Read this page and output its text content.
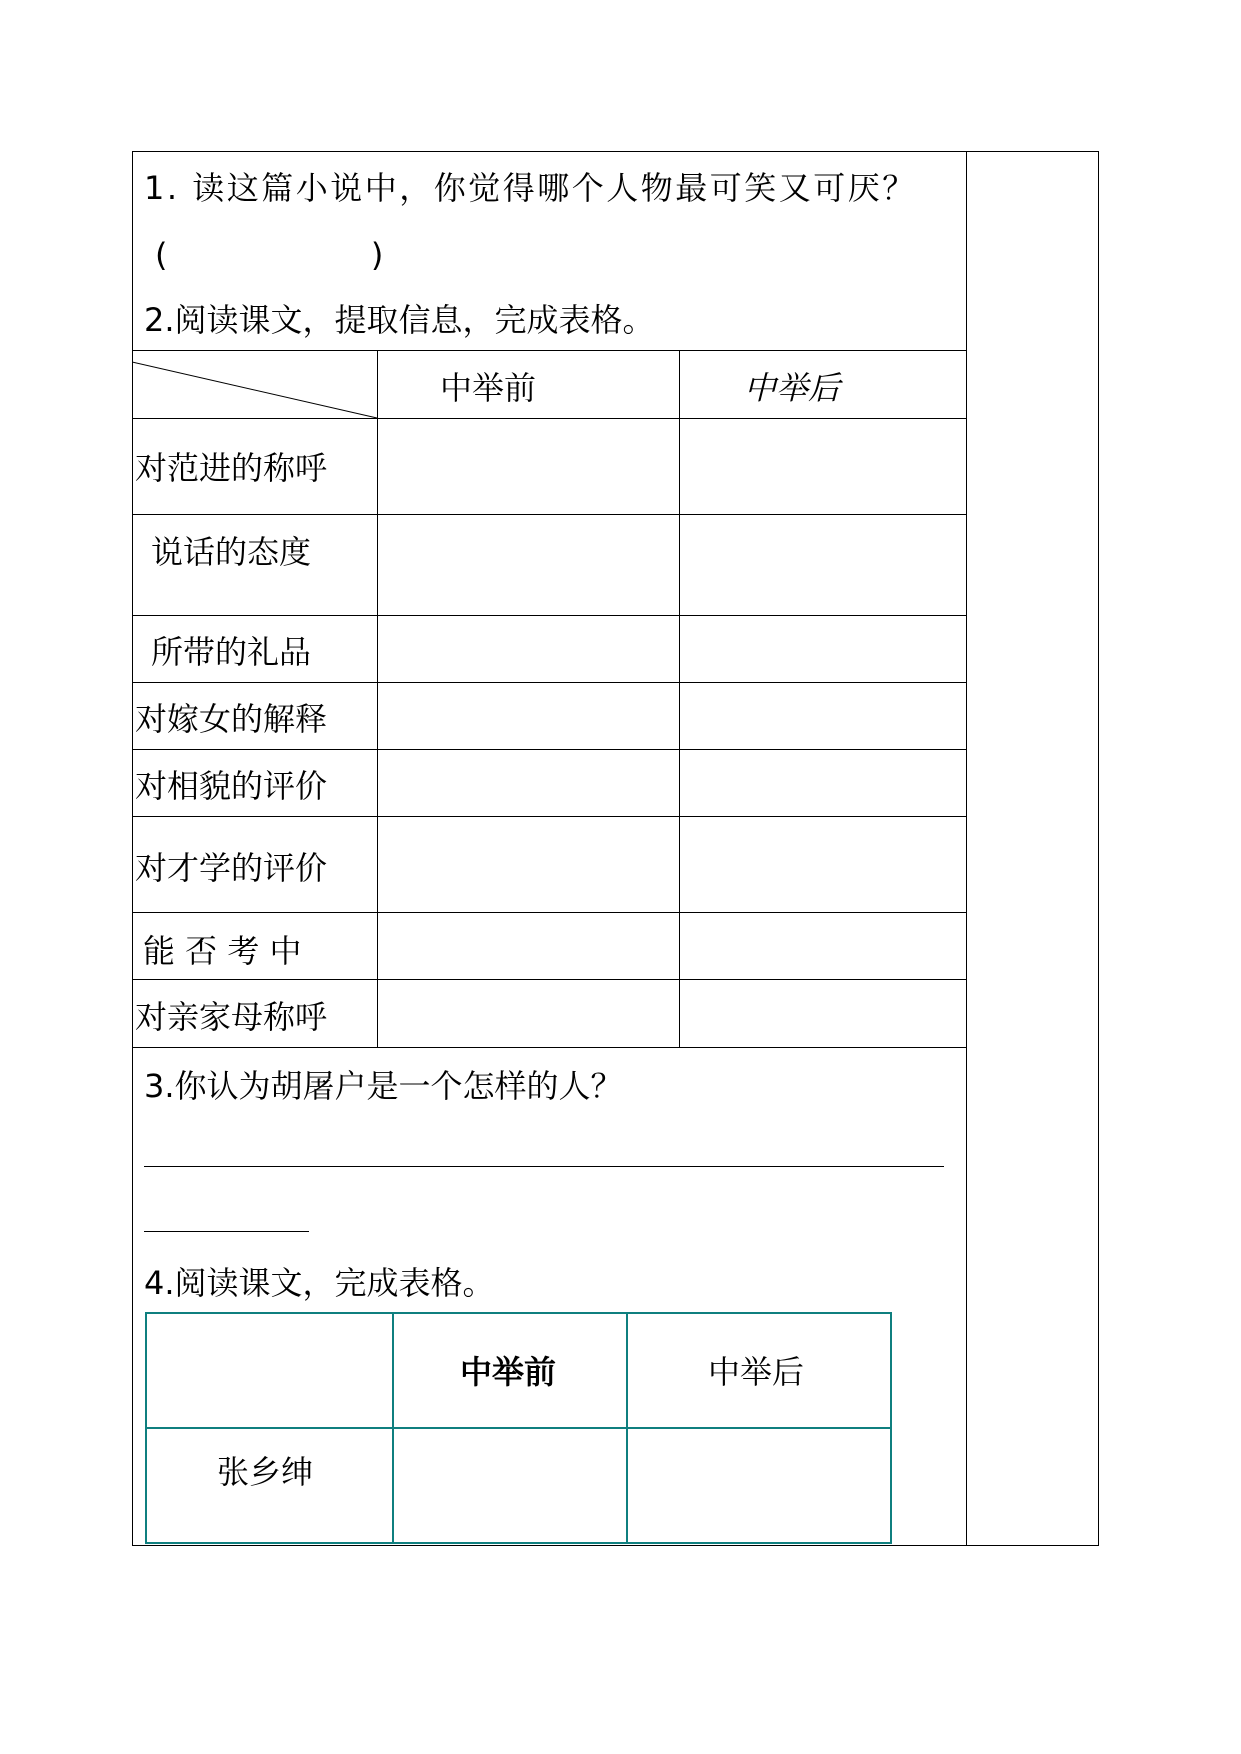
1. 读这篇小说中，你觉得哪个人物最可笑又可厌？
(                    )
2.阅读课文，提取信息，完成表格。
中举前	中举后
对范进的称呼
说话的态度
所带的礼品
对嫁女的解释
对相貌的评价
对才学的评价
能 否 考 中
对亲家母称呼
3.你认为胡屠户是一个怎样的人？
4.阅读课文，完成表格。
中举前	中举后
张乡绅
